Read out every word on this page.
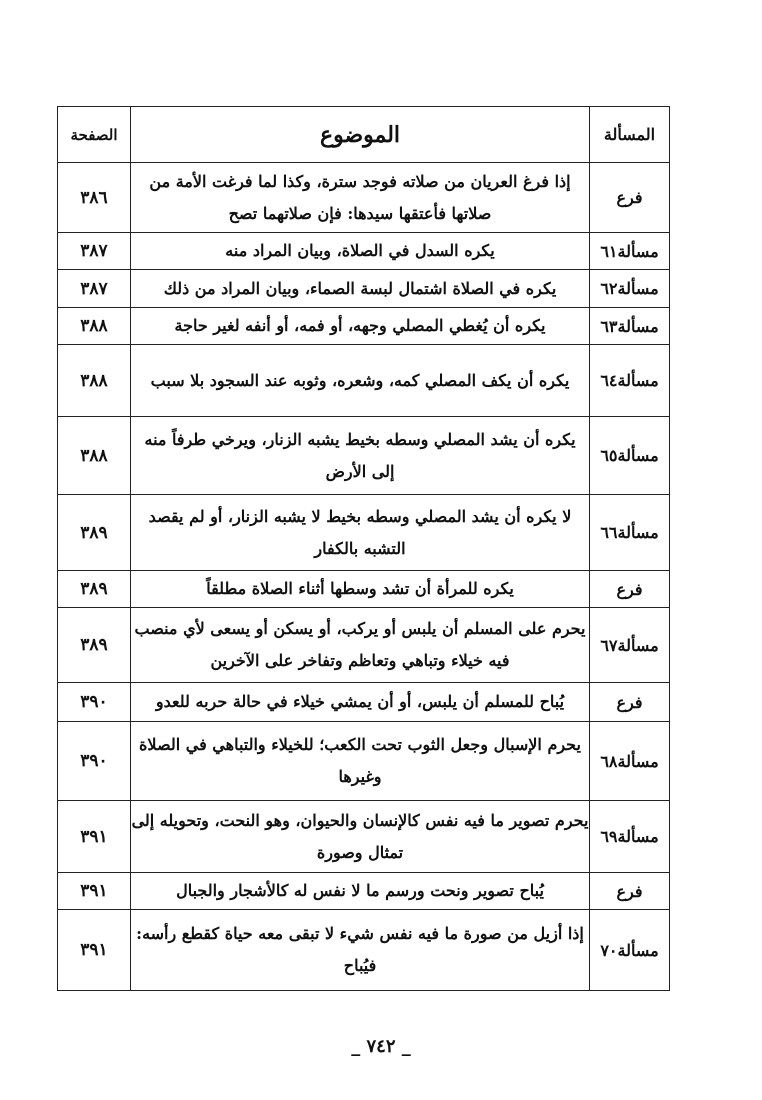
المسألة	الموضوع	الصفحة
فرع	إذا فرغ العريان من صلاته فوجد سترة، وكذا لما فرغت الأمة من صلاتها فأعتقها سيدها: فإن صلاتهما تصح	٣٨٦
مسألة٦١	يكره السدل في الصلاة، وبيان المراد منه	٣٨٧
مسألة٦٢	يكره في الصلاة اشتمال لبسة الصماء، وبيان المراد من ذلك	٣٨٧
مسألة٦٣	يكره أن يُغطي المصلي وجهه، أو فمه، أو أنفه لغير حاجة	٣٨٨
مسألة٦٤	يكره أن يكف المصلي كمه، وشعره، وثوبه عند السجود بلا سبب	٣٨٨
مسألة٦٥	يكره أن يشد المصلي وسطه بخيط يشبه الزنار، ويرخي طرفاً منه إلى الأرض	٣٨٨
مسألة٦٦	لا يكره أن يشد المصلي وسطه بخيط لا يشبه الزنار، أو لم يقصد التشبه بالكفار	٣٨٩
فرع	يكره للمرأة أن تشد وسطها أثناء الصلاة مطلقاً	٣٨٩
مسألة٦٧	يحرم على المسلم أن يلبس أو يركب، أو يسكن أو يسعى لأي منصب فيه خيلاء وتباهي وتعاظم وتفاخر على الآخرين	٣٨٩
فرع	يُباح للمسلم أن يلبس، أو أن يمشي خيلاء في حالة حربه للعدو	٣٩٠
مسألة٦٨	يحرم الإسبال وجعل الثوب تحت الكعب؛ للخيلاء والتباهي في الصلاة وغيرها	٣٩٠
مسألة٦٩	يحرم تصوير ما فيه نفس كالإنسان والحيوان، وهو النحت، وتحويله إلى تمثال وصورة	٣٩١
فرع	يُباح تصوير ونحت ورسم ما لا نفس له كالأشجار والجبال	٣٩١
مسألة٧٠	إذا أزيل من صورة ما فيه نفس شيء لا تبقى معه حياة كقطع رأسه: فيُباح	٣٩١
_ ٧٤٢ _
